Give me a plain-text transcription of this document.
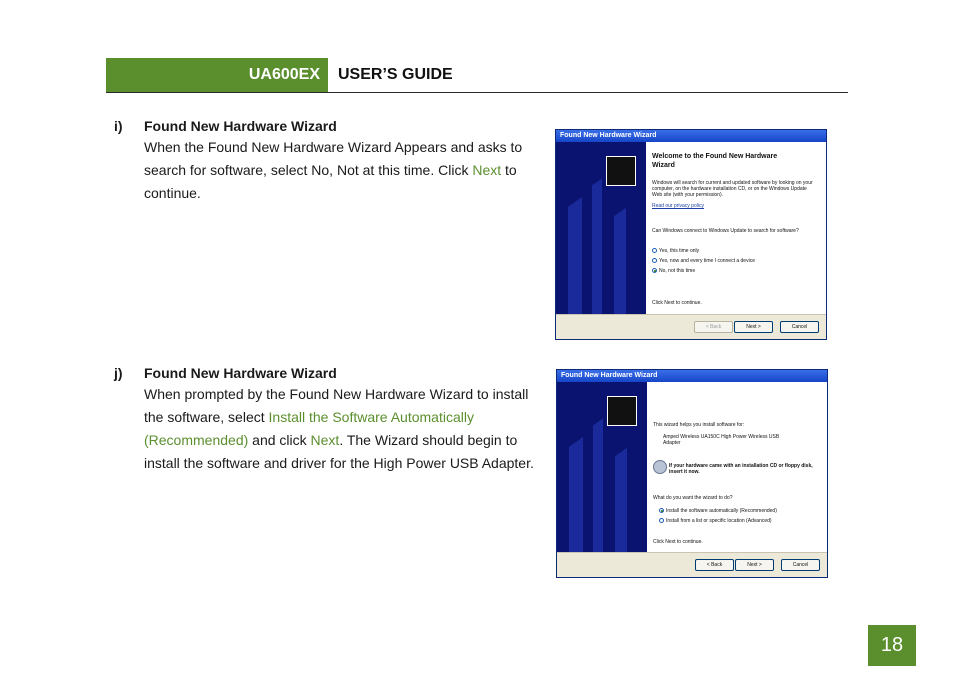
UA600EX USER’S GUIDE
i) Found New Hardware Wizard
When the Found New Hardware Wizard Appears and asks to search for software, select No, Not at this time. Click Next to continue.
Found New Hardware Wizard
Welcome to the Found New Hardware Wizard
Windows will search for current and updated software by looking on your computer, on the hardware installation CD, or on the Windows Update Web site (with your permission).
Read our privacy policy
Can Windows connect to Windows Update to search for software?
Yes, this time only
Yes, now and every time I connect a device
No, not this time
Click Next to continue.
< Back	Next >	Cancel
j) Found New Hardware Wizard
When prompted by the Found New Hardware Wizard to install the software, select Install the Software Automatically (Recommended) and click Next. The Wizard should begin to install the software and driver for the High Power USB Adapter.
Found New Hardware Wizard
This wizard helps you install software for:
Amped Wireless UA150C High Power Wireless USB Adapter
If your hardware came with an installation CD or floppy disk, insert it now.
What do you want the wizard to do?
Install the software automatically (Recommended)
Install from a list or specific location (Advanced)
Click Next to continue.
< Back	Next >	Cancel
18
